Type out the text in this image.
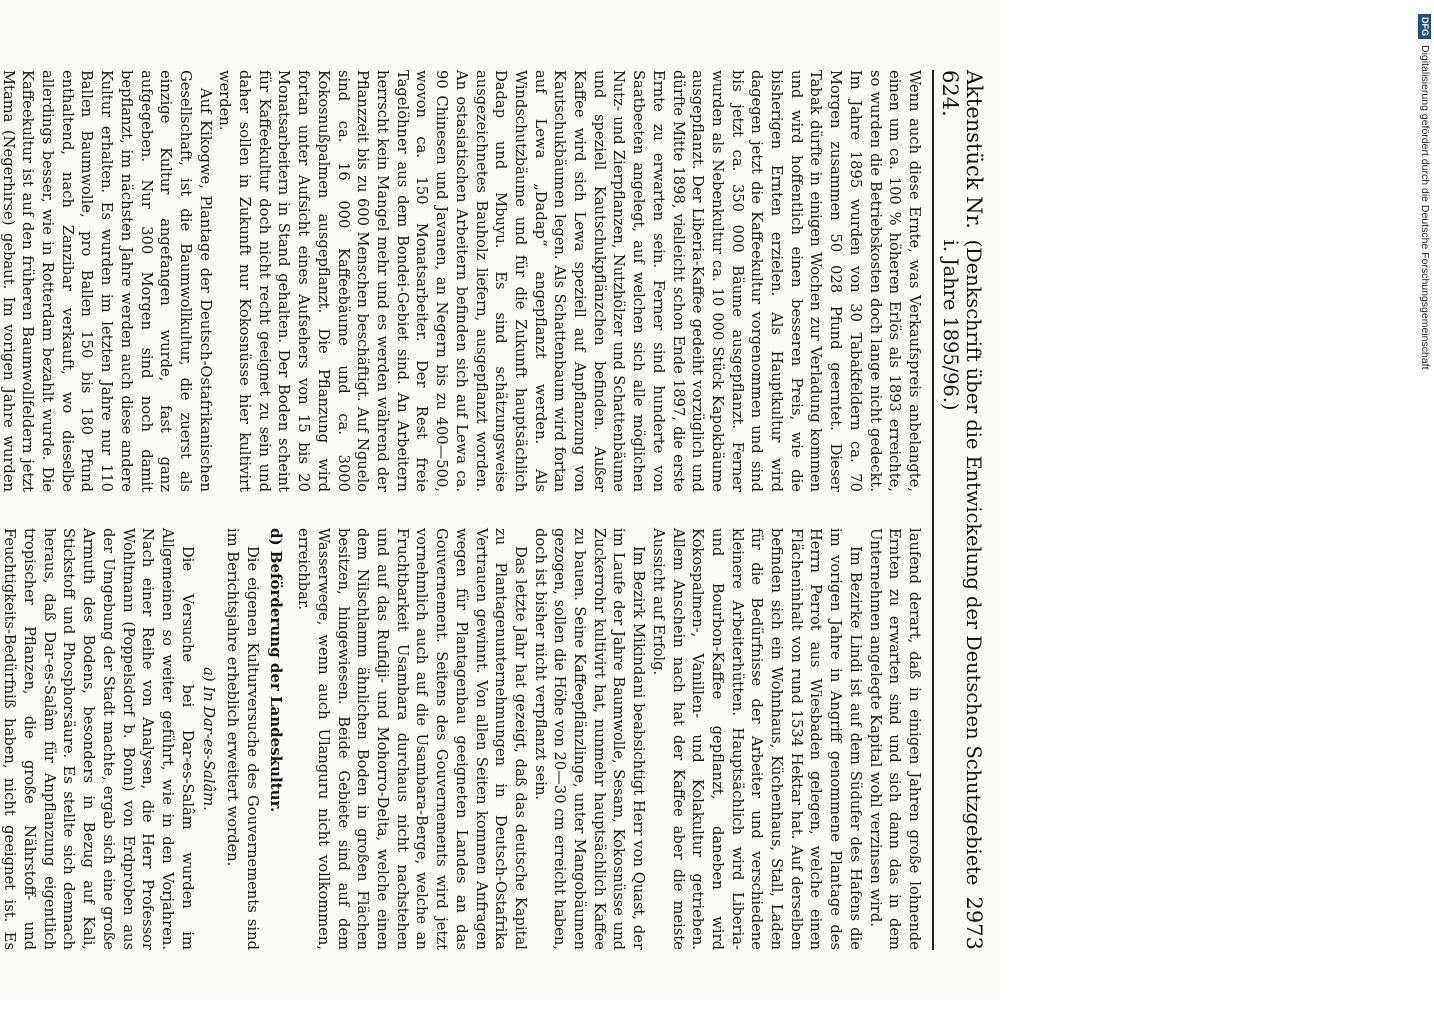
Aktenstück Nr. 624.
(Denkschrift über die Entwickelung der Deutschen Schutzgebiete i. Jahre 1895/96.)
2973

Wenn auch diese Ernte, was Verkaufspreis anbelangte, einen um ca. 100 % höheren Erlös als 1893 erreichte, so wurden die Betriebskosten doch lange nicht gedeckt. Im Jahre 1895 wurden von 30 Tabakfeldern ca. 70 Morgen zusammen 50 028 Pfund geerntet. Dieser Tabak dürfte in einigen Wochen zur Verladung kommen und wird hoffentlich einen besseren Preis, wie die bisherigen Ernten erzielen. Als Hauptkultur wird dagegen jetzt die Kaffeekultur vorgenommen und sind bis jetzt ca. 350 000 Bäume ausgepflanzt. Ferner wurden als Nebenkultur ca. 10 000 Stück Kapokbäume ausgepflanzt. Der Liberia-Kaffee gedeiht vorzüglich und dürfte Mitte 1898, vielleicht schon Ende 1897, die erste Ernte zu erwarten sein. Ferner sind hunderte von Saatbeeten angelegt, auf welchen sich alle möglichen Nutz- und Zierpflanzen, Nutzhölzer und Schattenbäume und speziell Kautschukpflänzchen befinden. Außer Kaffee wird sich Lewa speziell auf Anpflanzung von Kautschukbäumen legen. Als Schattenbaum wird fortan auf Lewa „Dadap“ angepflanzt werden. Als Windschutzbäume und für die Zukunft hauptsächlich Dadap und Mbuyu. Es sind schätzungsweise ausgezeichnetes Bauholz liefern, ausgepflanzt worden. An ostasiatischen Arbeitern befinden sich auf Lewa ca. 90 Chinesen und Javanen, an Negern bis zu 400—500, wovon ca. 150 Monatsarbeiter. Der Rest freie Tagelöhner aus dem Bondei-Gebiet sind. An Arbeitern herrscht kein Mangel mehr und es werden während der Pflanzzeit bis zu 600 Menschen beschäftigt. Auf Nguelo sind ca. 16 000 Kaffeebäume und ca. 3000 Kokosnußpalmen ausgepflanzt. Die Pflanzung wird fortan unter Aufsicht eines Aufsehers von 15 bis 20 Monatsarbeitern in Stand gehalten. Der Boden scheint für Kaffeekultur doch nicht recht geeignet zu sein und daher sollen in Zukunft nur Kokosnüsse hier kultivirt werden.

Auf Kikogwe, Plantage der Deutsch-Ostafrikanischen Gesellschaft, ist die Baumwollkultur, die zuerst als einzige Kultur angefangen wurde, fast ganz aufgegeben. Nur 300 Morgen sind noch damit bepflanzt, im nächsten Jahre werden auch diese andere Kultur erhalten. Es wurden im letzten Jahre nur 110 Ballen Baumwolle, pro Ballen 150 bis 180 Pfund enthaltend, nach Zanzibar verkauft, wo dieselbe allerdings besser, wie in Rotterdam bezahlt wurde. Die Kaffeekultur ist auf den früheren Baumwollfeldern jetzt Mtama (Negerhirse) gebaut. Im vorigen Jahre wurden

laufend derart, daß in einigen Jahren große lohnende Ernten zu erwarten sind und sich dann das in dem Unternehmen angelegte Kapital wohl verzinsen wird.

Im Bezirke Lindi ist auf dem Südufer des Hafens die im vorigen Jahre in Angriff genommene Plantage des Herrn Perrot aus Wiesbaden gelegen, welche einen Flächeninhalt von rund 1534 Hektar hat. Auf derselben befinden sich ein Wohnhaus, Küchenhaus, Stall, Laden für die Bedürfnisse der Arbeiter und verschiedene kleinere Arbeiterhütten. Hauptsächlich wird Liberia- und Bourbon-Kaffee gepflanzt, daneben wird Kokospalmen-, Vanillen- und Kolakultur getrieben. Allem Anschein nach hat der Kaffee aber die meiste Aussicht auf Erfolg.

Im Bezirk Mikindani beabsichtigt Herr von Quast, der im Laufe der Jahre Baumwolle, Sesam, Kokosnüsse und Zuckerrohr kultivirt hat, nunmehr hauptsächlich Kaffee zu bauen. Seine Kaffeepflänzlinge, unter Mangobäumen gezogen, sollen die Höhe von 20—30 cm erreicht haben, doch ist bisher nicht verpflanzt sein.

Das letzte Jahr hat gezeigt, daß das deutsche Kapital zu Plantagenunternehmungen in Deutsch-Ostafrika Vertrauen gewinnt. Von allen Seiten kommen Anfragen wegen für Plantagenbau geeigneten Landes an das Gouvernement. Seitens des Gouvernements wird jetzt vornehmlich auch auf die Usambara-Berge, welche an Fruchtbarkeit Usambara durchaus nicht nachstehen und auf das Rufidji- und Mohorro-Delta, welche einen dem Nilschlamm ähnlichen Boden in großen Flächen besitzen, hingewiesen. Beide Gebiete sind auf dem Wasserwege, wenn auch Ulanguru nicht vollkommen, erreichbar.

d) Beförderung der Landeskultur.

Die eigenen Kulturversuche des Gouvernements sind im Berichtsjahre erheblich erweitert worden.

a) In Dar-es-Salâm.

Die Versuche bei Dar-es-Salâm wurden im Allgemeinen so weiter geführt, wie in den Vorjahren. Nach einer Reihe von Analysen, die Herr Professor Wohltmann (Poppelsdorf b. Bonn) von Erdproben aus der Umgebung der Stadt machte, ergab sich eine große Armuth des Bodens, besonders in Bezug auf Kali, Stickstoff und Phosphorsäure. Es stellte sich demnach heraus, daß Dar-es-Salâm für Anpflanzung eigentlich tropischer Pflanzen, die große Nährstoff- und Feuchtigkeits-Bedürfniß haben, nicht geeignet ist. Es

DFGDigitalisierung gefördert durch die Deutsche Forschungsgemeinschaft
